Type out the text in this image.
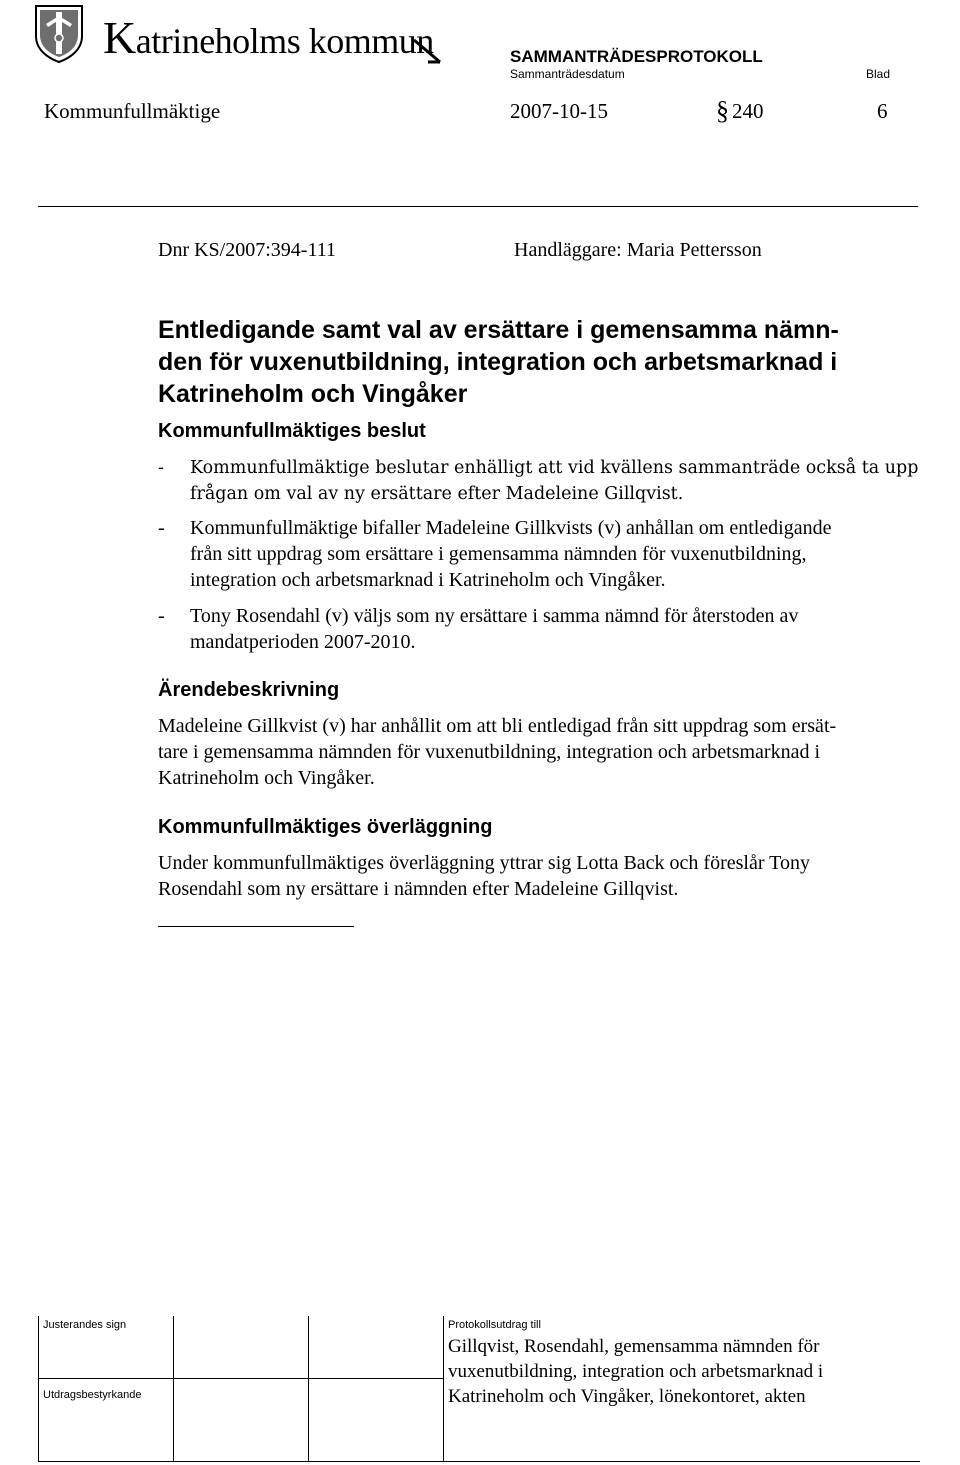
Katrineholms kommun	SAMMANTRÄDESPROTOKOLL
Sammanträdesdatum	Blad
Kommunfullmäktige	2007-10-15	§ 240	6
Dnr KS/2007:394-111	Handläggare: Maria Pettersson
Entledigande samt val av ersättare i gemensamma nämn-
den för vuxenutbildning, integration och arbetsmarknad i
Katrineholm och Vingåker
Kommunfullmäktiges beslut
-	Kommunfullmäktige beslutar enhälligt att vid kvällens sammanträde också ta upp
frågan om val av ny ersättare efter Madeleine Gillqvist.
-	Kommunfullmäktige bifaller Madeleine Gillkvists (v) anhållan om entledigande
från sitt uppdrag som ersättare i gemensamma nämnden för vuxenutbildning,
integration och arbetsmarknad i Katrineholm och Vingåker.
-	Tony Rosendahl (v) väljs som ny ersättare i samma nämnd för återstoden av
mandatperioden 2007-2010.
Ärendebeskrivning
Madeleine Gillkvist (v) har anhållit om att bli entledigad från sitt uppdrag som ersät-
tare i gemensamma nämnden för vuxenutbildning, integration och arbetsmarknad i
Katrineholm och Vingåker.
Kommunfullmäktiges överläggning
Under kommunfullmäktiges överläggning yttrar sig Lotta Back och föreslår Tony
Rosendahl som ny ersättare i nämnden efter Madeleine Gillqvist.
Justerandes sign
Utdragsbestyrkande
Protokollsutdrag till
Gillqvist, Rosendahl, gemensamma nämnden för
vuxenutbildning, integration och arbetsmarknad i
Katrineholm och Vingåker, lönekontoret, akten
